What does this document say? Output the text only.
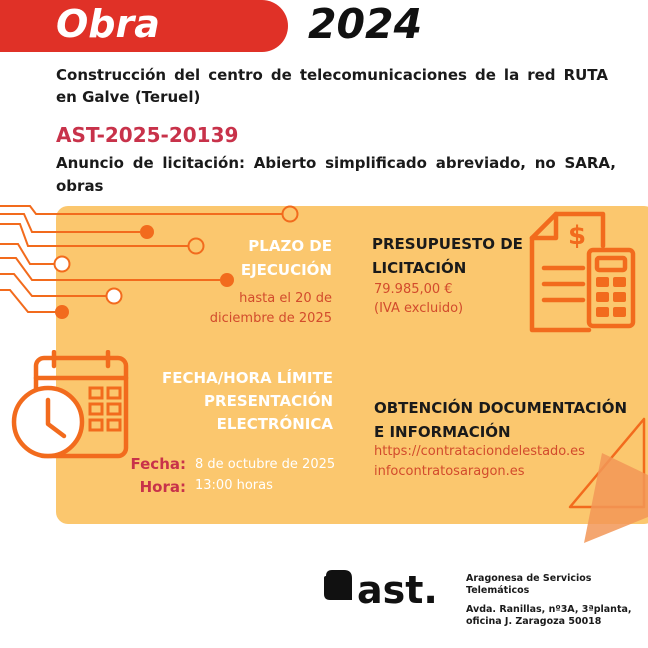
Obra	2024
Construcción del centro de telecomunicaciones de la red RUTA en Galve (Teruel)
AST-2025-20139
Anuncio de licitación: Abierto simplificado abreviado, no SARA, obras
PLAZO DE
EJECUCIÓN
hasta el 20 de
diciembre de 2025
PRESUPUESTO DE
LICITACIÓN
79.985,00 €
(IVA excluido)
$
FECHA/HORA LÍMITE
PRESENTACIÓN
ELECTRÓNICA
Fecha:
Hora:
8 de octubre de 2025
13:00 horas
OBTENCIÓN DOCUMENTACIÓN
E INFORMACIÓN
https://contrataciondelestado.es
infocontratosaragon.es
ast.	Aragonesa de Servicios
Telemáticos

Avda. Ranillas, nº3A, 3ªplanta,
oficina J. Zaragoza 50018
